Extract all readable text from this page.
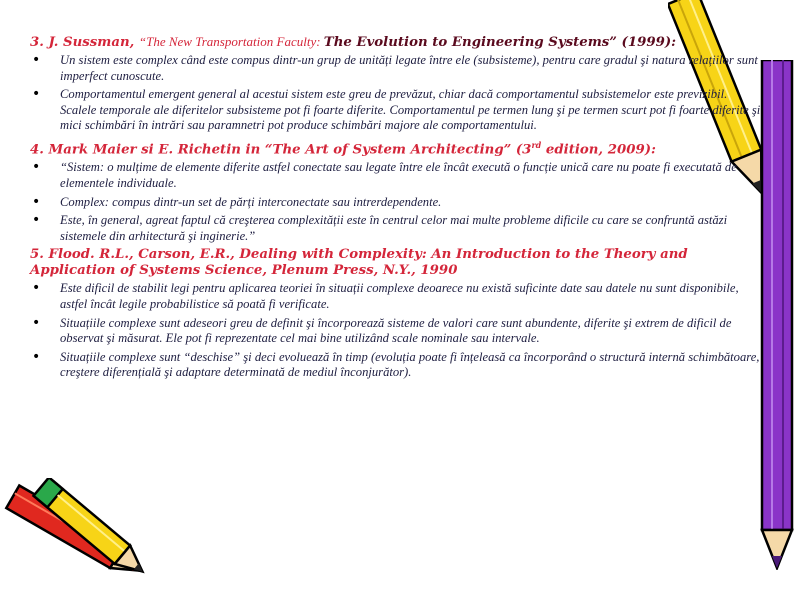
3. J. Sussman, “The New Transportation Faculty: The Evolution to Engineering Systems” (1999):
• Un sistem este complex când este compus dintr-un grup de unități legate între ele (subsisteme), pentru care gradul şi natura relațiilor sunt imperfect cunoscute.
• Comportamentul emergent general al acestui sistem este greu de prevăzut, chiar dacă comportamentul subsistemelor este previzibil. Scalele temporale ale diferitelor subsisteme pot fi foarte diferite. Comportamentul pe termen lung şi pe termen scurt pot fi foarte diferite şi mici schimbări în intrări sau paramnetri pot produce schimbări majore ale comportamentului.
4. Mark Maier si E. Richetin in “The Art of System Architecting” (3rd edition, 2009):
• “Sistem: o mulțime de elemente diferite astfel conectate sau legate între ele încât execută o funcție unică care nu poate fi executată de elementele individuale.
• Complex: compus dintr-un set de părți interconectate sau intrerdependente.
• Este, în general, agreat faptul că creşterea complexității este în centrul celor mai multe probleme dificile cu care se confruntă astăzi sistemele din arhitectură şi inginerie.”
5. Flood. R.L., Carson, E.R., Dealing with Complexity: An Introduction to the Theory and Application of Systems Science, Plenum Press, N.Y., 1990
• Este dificil de stabilit legi pentru aplicarea teoriei în situații complexe deoarece nu există suficinte date sau datele nu sunt disponibile, astfel încât legile probabilistice să poată fi verificate.
• Situațiile complexe sunt adeseori greu de definit şi încorporează sisteme de valori care sunt abundente, diferite şi extrem de dificil de observat şi măsurat. Ele pot fi reprezentate cel mai bine utilizând scale nominale sau intervale.
• Situațiile complexe sunt “deschise” şi deci evoluează în timp (evoluția poate fi înțeleasă ca încorporând o structură internă schimbătoare, creştere diferențială şi adaptare determinată de mediul înconjurător).
